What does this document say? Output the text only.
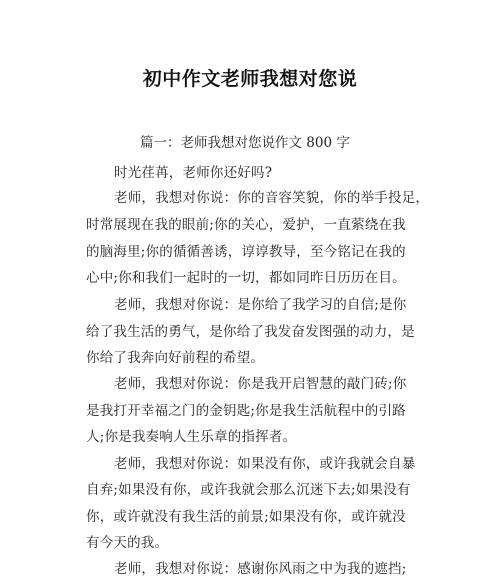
初中作文老师我想对您说
篇一：老师我想对您说作文 800 字
时光荏苒，老师你还好吗?
老师，我想对你说：你的音容笑貌，你的举手投足，
时常展现在我的眼前;你的关心，爱护，一直萦绕在我
的脑海里;你的循循善诱，谆谆教导，至今铭记在我的
心中;你和我们一起时的一切，都如同昨日历历在目。
老师，我想对你说：是你给了我学习的自信;是你
给了我生活的勇气，是你给了我发奋发图强的动力，是
你给了我奔向好前程的希望。
老师，我想对你说：你是我开启智慧的敲门砖;你
是我打开幸福之门的金钥匙;你是我生活航程中的引路
人;你是我奏响人生乐章的指挥者。
老师，我想对你说：如果没有你，或许我就会自暴
自弃;如果没有你，或许我就会那么沉迷下去;如果没有
你，或许就没有我生活的前景;如果没有你，或许就没
有今天的我。
老师，我想对你说：感谢你风雨之中为我的遮挡;
